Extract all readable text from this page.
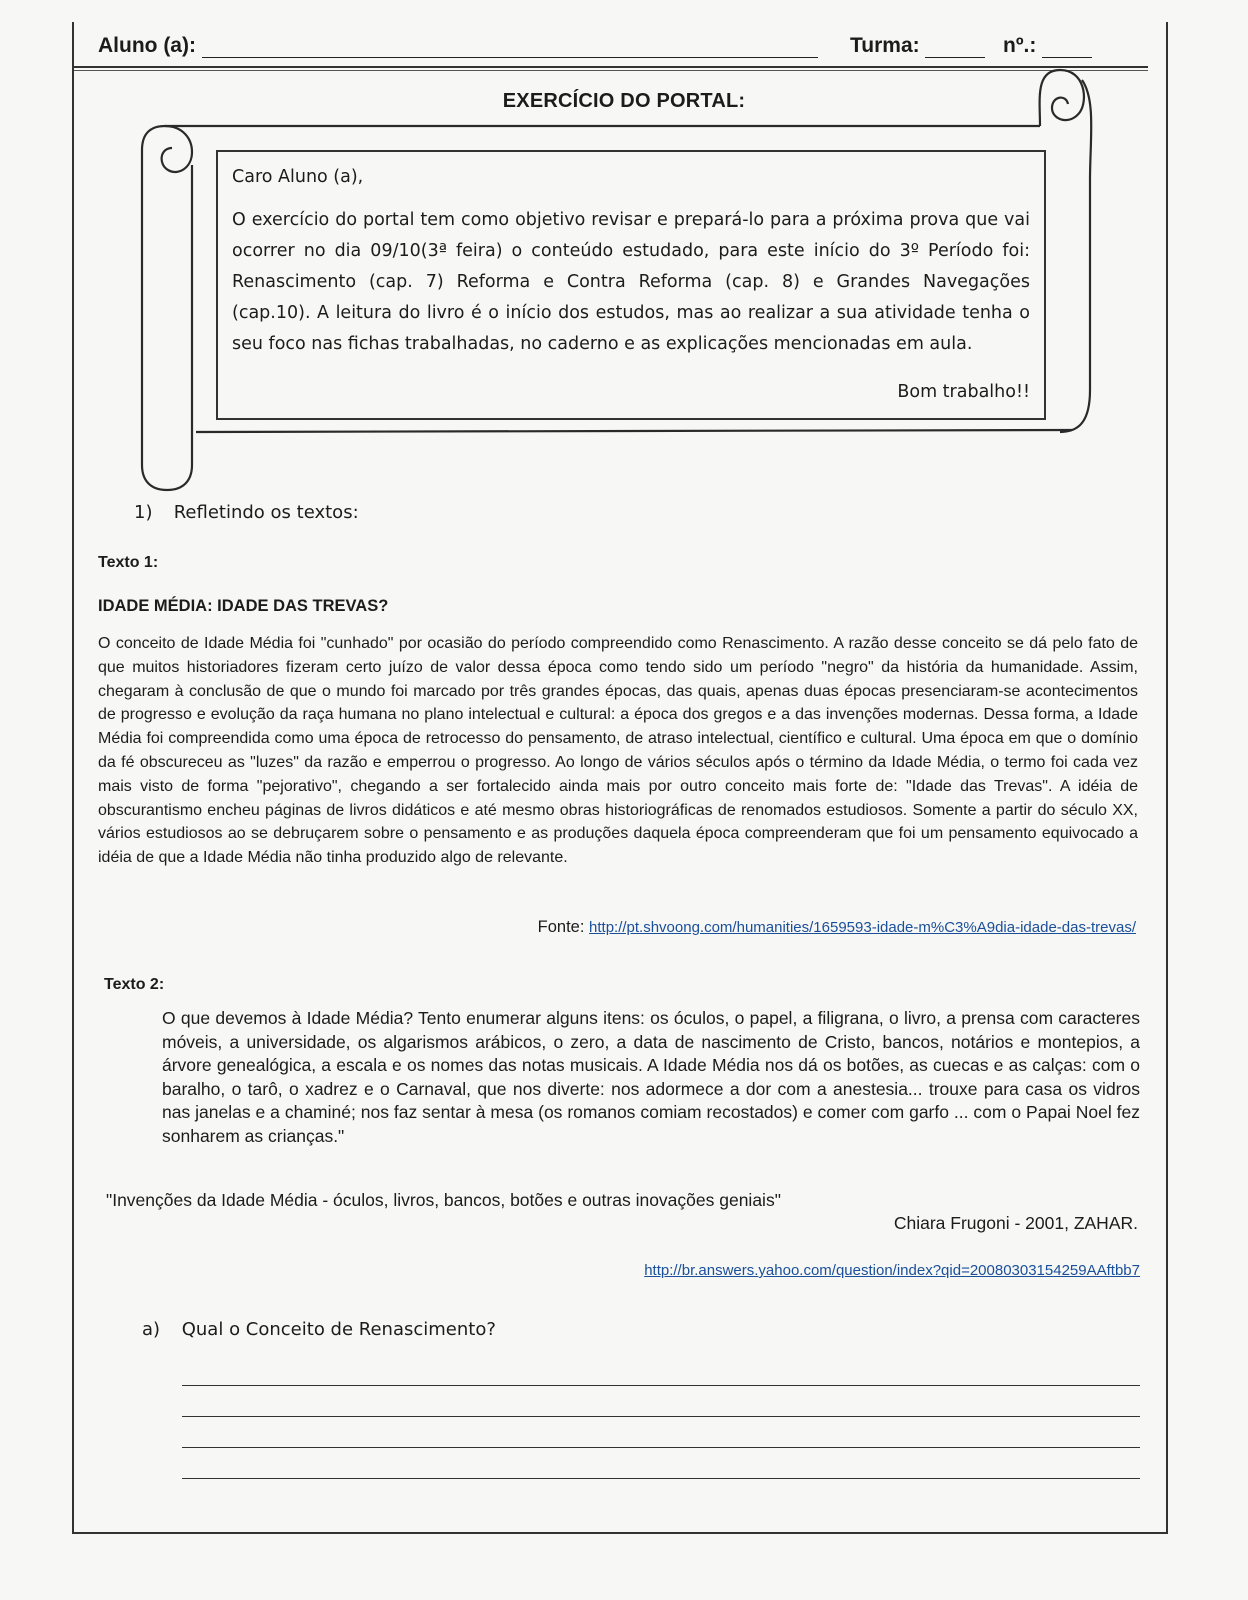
Aluno (a):	Turma:	nº.:
EXERCÍCIO DO PORTAL:

Caro Aluno (a),

O exercício do portal tem como objetivo revisar e prepará-lo para a próxima prova que vai ocorrer no dia 09/10(3ª feira) o conteúdo estudado, para este início do 3º Período foi: Renascimento (cap. 7) Reforma e Contra Reforma (cap. 8) e Grandes Navegações (cap.10). A leitura do livro é o início dos estudos, mas ao realizar a sua atividade tenha o seu foco nas fichas trabalhadas, no caderno e as explicações mencionadas em aula.

Bom trabalho!!
1) Refletindo os textos:
Texto 1:
IDADE MÉDIA: IDADE DAS TREVAS?

O conceito de Idade Média foi "cunhado" por ocasião do período compreendido como Renascimento. A razão desse conceito se dá pelo fato de que muitos historiadores fizeram certo juízo de valor dessa época como tendo sido um período "negro" da história da humanidade. Assim, chegaram à conclusão de que o mundo foi marcado por três grandes épocas, das quais, apenas duas épocas presenciaram-se acontecimentos de progresso e evolução da raça humana no plano intelectual e cultural: a época dos gregos e a das invenções modernas. Dessa forma, a Idade Média foi compreendida como uma época de retrocesso do pensamento, de atraso intelectual, científico e cultural. Uma época em que o domínio da fé obscureceu as "luzes" da razão e emperrou o progresso. Ao longo de vários séculos após o término da Idade Média, o termo foi cada vez mais visto de forma "pejorativo", chegando a ser fortalecido ainda mais por outro conceito mais forte de: "Idade das Trevas". A idéia de obscurantismo encheu páginas de livros didáticos e até mesmo obras historiográficas de renomados estudiosos. Somente a partir do século XX, vários estudiosos ao se debruçarem sobre o pensamento e as produções daquela época compreenderam que foi um pensamento equivocado a idéia de que a Idade Média não tinha produzido algo de relevante.

Fonte: http://pt.shvoong.com/humanities/1659593-idade-m%C3%A9dia-idade-das-trevas/
Texto 2:

O que devemos à Idade Média? Tento enumerar alguns itens: os óculos, o papel, a filigrana, o livro, a prensa com caracteres móveis, a universidade, os algarismos arábicos, o zero, a data de nascimento de Cristo, bancos, notários e montepios, a árvore genealógica, a escala e os nomes das notas musicais. A Idade Média nos dá os botões, as cuecas e as calças: com o baralho, o tarô, o xadrez e o Carnaval, que nos diverte: nos adormece a dor com a anestesia... trouxe para casa os vidros nas janelas e a chaminé; nos faz sentar à mesa (os romanos comiam recostados) e comer com garfo ... com o Papai Noel fez sonharem as crianças."

"Invenções da Idade Média - óculos, livros, bancos, botões e outras inovações geniais"
Chiara Frugoni - 2001, ZAHAR.
http://br.answers.yahoo.com/question/index?qid=20080303154259AAftbb7
a) Qual o Conceito de Renascimento?
